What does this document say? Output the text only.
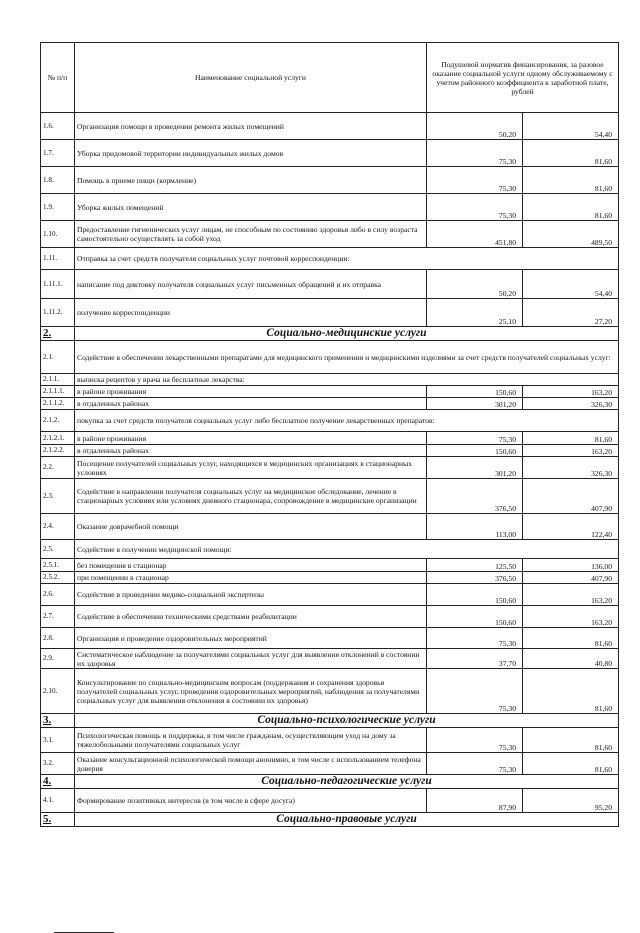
№ п/п	Наименование социальной услуги	Подушевой норматив финансирования, за разовое оказание социальной услуги одному обслуживаемому с учетом районного коэффициента к заработной плате, рублей	
1.6.	Организация помощи в проведении ремонта жилых помещений	50,20	54,40
1.7.	Уборка придомовой территории индивидуальных жилых домов	75,30	81,60
1.8.	Помощь в приеме пищи (кормление)	75,30	81,60
1.9.	Уборка жилых помещений	75,30	81,60
1.10.	Предоставление гигиенических услуг лицам, не способным по состоянию здоровья либо в силу возраста самостоятельно осуществлять за собой уход	451,80	489,50
1.11.	Отправка за счет средств получателя социальных услуг почтовой корреспонденции:		
1.11.1.	написание под диктовку получателя социальных услуг письменных обращений и их отправка	50,20	54,40
1.11.2.	получение корреспонденции	25,10	27,20
2.	Социально-медицинские услуги		
2.1.	Содействие в обеспечении лекарственными препаратами для медицинского применения и медицинскими изделиями за счет средств получателей социальных услуг:		
2.1.1.	выписка рецептов у врача на бесплатные лекарства:		
2.1.1.1.	в районе проживания	150,60	163,20
2.1.1.2.	в отдаленных районах	301,20	326,30
2.1.2.	покупка за счет средств получателя социальных услуг либо бесплатное получение лекарственных препаратов:		
2.1.2.1.	в районе проживания	75,30	81,60
2.1.2.2.	в отдаленных районах	150,60	163,20
2.2.	Посещение получателей социальных услуг, находящихся в медицинских организациях в стационарных условиях	301,20	326,30
2.3.	Содействие в направлении получателя социальных услуг на медицинское обследование, лечение в стационарных условиях или условиях дневного стационара, сопровождение в медицинские организации	376,50	407,90
2.4.	Оказание доврачебной помощи	113,00	122,40
2.5.	Содействие в получении медицинской помощи:		
2.5.1.	без помещения в стационар	125,50	136,00
2.5.2.	при помещении в стационар	376,50	407,90
2.6.	Содействие в проведении медико-социальной экспертизы	150,60	163,20
2.7.	Содействие в обеспечении техническими средствами реабилитации	150,60	163,20
2.8.	Организация и проведение оздоровительных мероприятий	75,30	81,60
2.9.	Систематическое наблюдение за получателями социальных услуг для выявления отклонений в состоянии их здоровья	37,70	40,80
2.10.	Консультирование по социально-медицинским вопросам (поддержания и сохранения здоровья получателей социальных услуг, проведения оздоровительных мероприятий, наблюдения за получателями социальных услуг для выявления отклонения в состоянии их здоровья)	75,30	81,60
3.	Социально-психологические услуги		
3.1.	Психологическая помощь и поддержка, в том числе гражданам, осуществляющим уход на дому за тяжелобольными получателями социальных услуг	75,30	81,60
3.2.	Оказание консультационной психологической помощи анонимно, в том числе с использованием телефона доверия	75,30	81,60
4.	Социально-педагогические услуги		
4.1.	Формирование позитивных интересов (в том числе в сфере досуга)	87,90	95,20
5.	Социально-правовые услуги		
